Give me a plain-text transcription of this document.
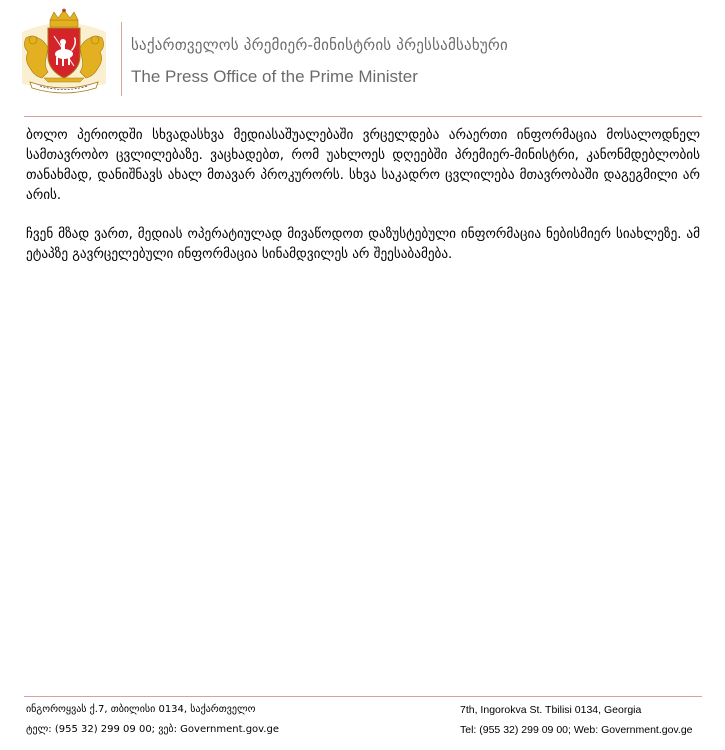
საქართველოს პრემიერ-მინისტრის პრესსამსახური
The Press Office of the Prime Minister

ბოლო პერიოდში სხვადასხვა მედიასაშუალებაში ვრცელდება არაერთი ინფორმაცია მოსალოდნელ სამთავრობო ცვლილებაზე. ვაცხადებთ, რომ უახლოეს დღეებში პრემიერ-მინისტრი, კანონმდებლობის თანახმად, დანიშნავს ახალ მთავარ პროკურორს. სხვა საკადრო ცვლილება მთავრობაში დაგეგმილი არ არის.

ჩვენ მზად ვართ, მედიას ოპერატიულად მივაწოდოთ დაზუსტებული ინფორმაცია ნებისმიერ სიახლეზე. ამ ეტაპზე გავრცელებული ინფორმაცია სინამდვილეს არ შეესაბამება.

ინგოროყვას ქ.7, თბილისი 0134, საქართველო
ტელ: (955 32) 299 09 00; ვებ: Government.gov.ge
7th, Ingorokva St. Tbilisi 0134, Georgia
Tel: (955 32) 299 09 00; Web: Government.gov.ge
